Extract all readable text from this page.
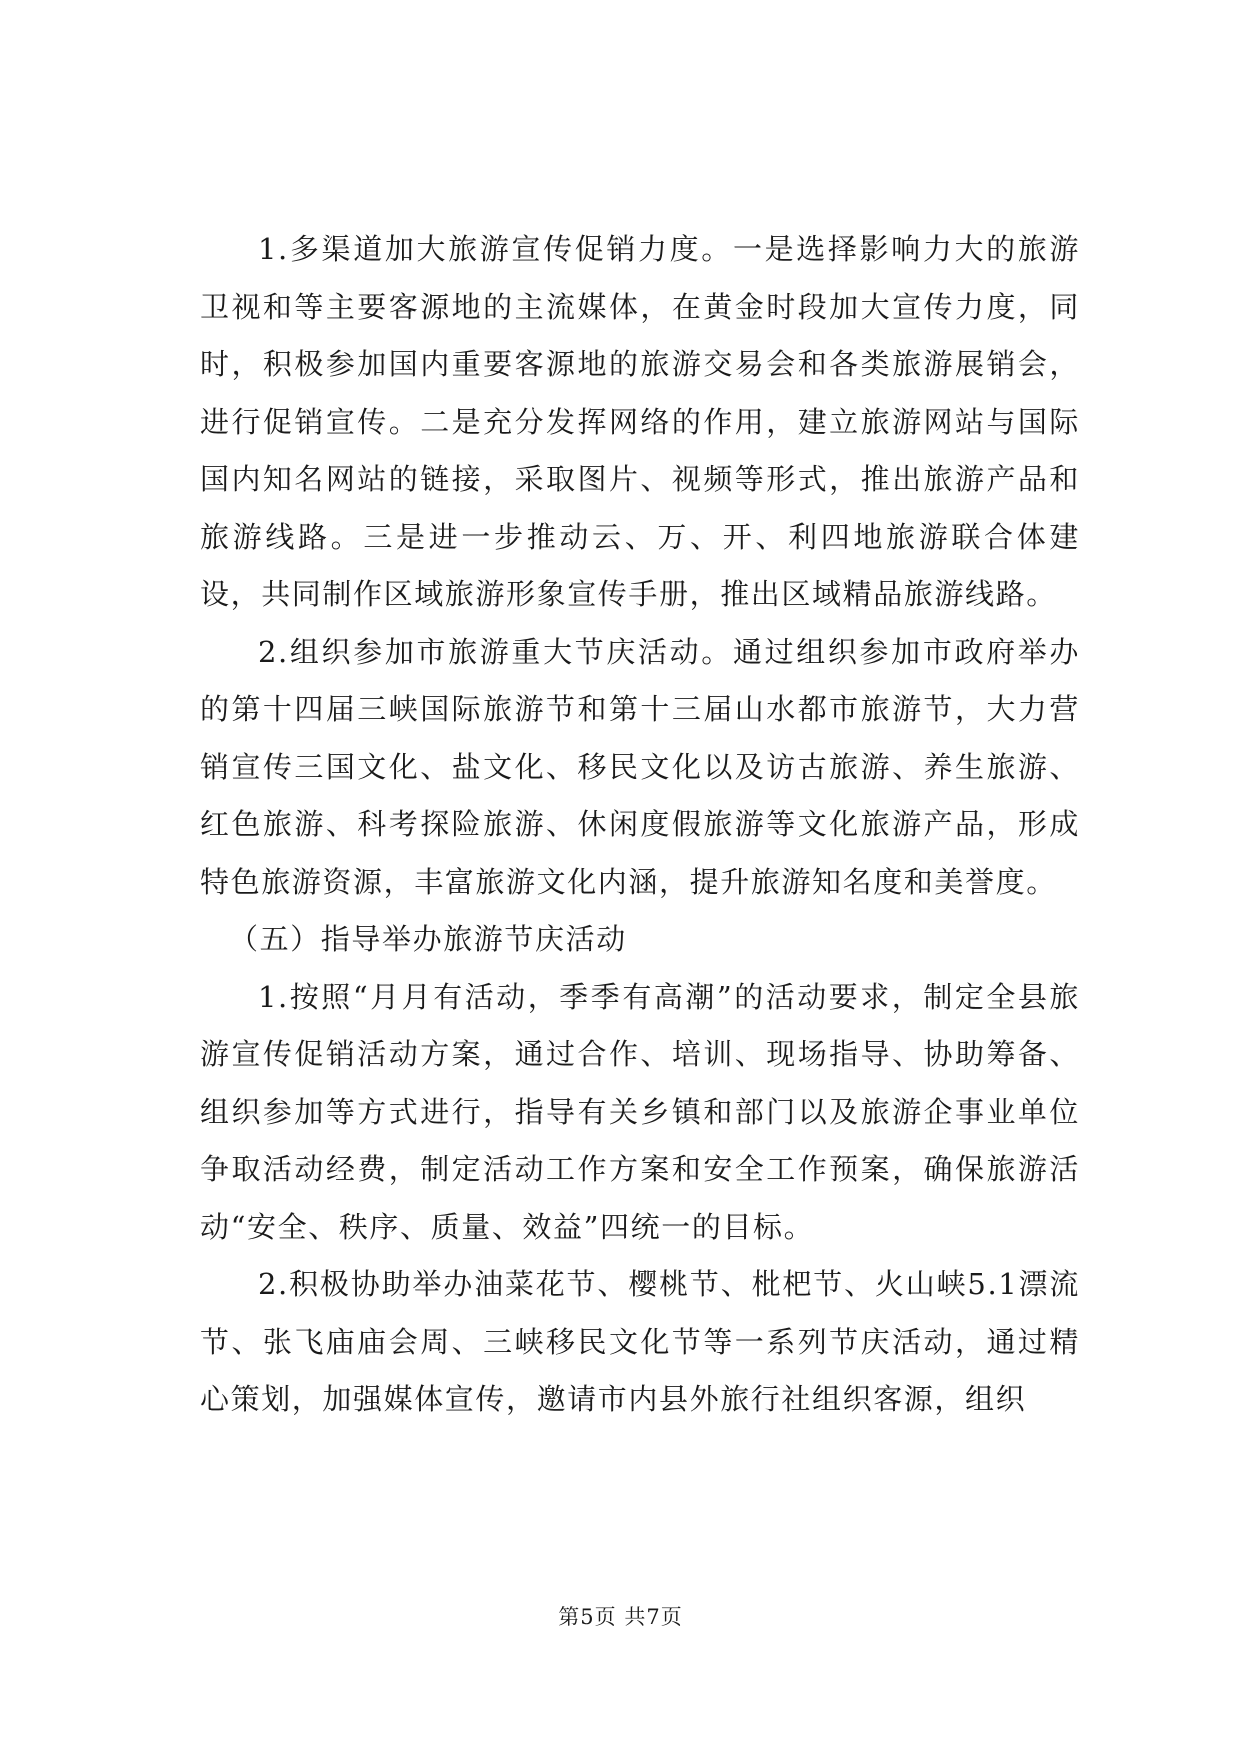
1.多渠道加大旅游宣传促销力度。一是选择影响力大的旅游卫视和等主要客源地的主流媒体，在黄金时段加大宣传力度，同时，积极参加国内重要客源地的旅游交易会和各类旅游展销会，进行促销宣传。二是充分发挥网络的作用，建立旅游网站与国际国内知名网站的链接，采取图片、视频等形式，推出旅游产品和旅游线路。三是进一步推动云、万、开、利四地旅游联合体建设，共同制作区域旅游形象宣传手册，推出区域精品旅游线路。

2.组织参加市旅游重大节庆活动。通过组织参加市政府举办的第十四届三峡国际旅游节和第十三届山水都市旅游节，大力营销宣传三国文化、盐文化、移民文化以及访古旅游、养生旅游、红色旅游、科考探险旅游、休闲度假旅游等文化旅游产品，形成特色旅游资源，丰富旅游文化内涵，提升旅游知名度和美誉度。

（五）指导举办旅游节庆活动

1.按照“月月有活动，季季有高潮”的活动要求，制定全县旅游宣传促销活动方案，通过合作、培训、现场指导、协助筹备、组织参加等方式进行，指导有关乡镇和部门以及旅游企事业单位争取活动经费，制定活动工作方案和安全工作预案，确保旅游活动“安全、秩序、质量、效益”四统一的目标。

2.积极协助举办油菜花节、樱桃节、枇杷节、火山峡5.1漂流节、张飞庙庙会周、三峡移民文化节等一系列节庆活动，通过精心策划，加强媒体宣传，邀请市内县外旅行社组织客源，组织

第5页 共7页
